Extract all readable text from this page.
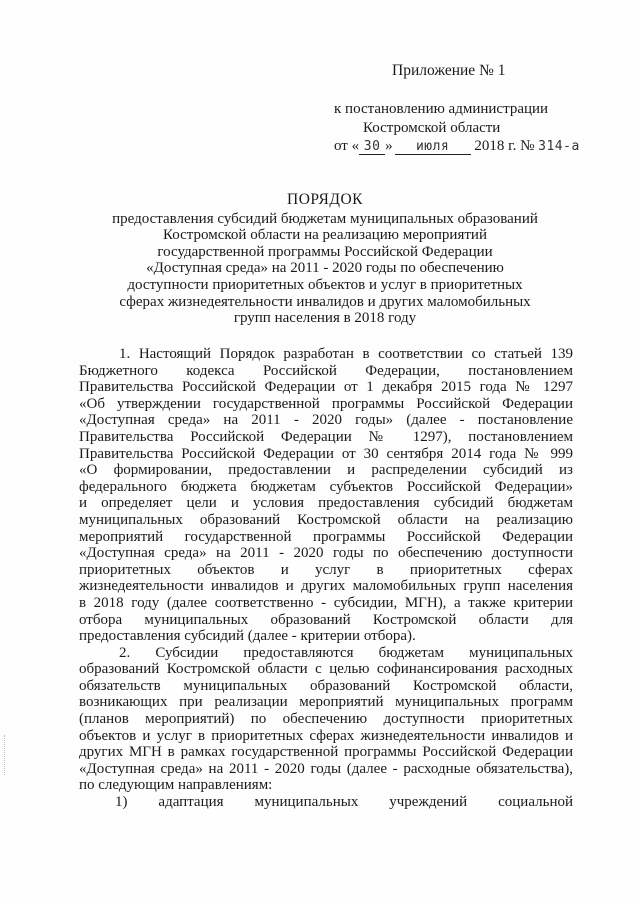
Приложение № 1
к постановлению администрации
Костромской области
от « 30 » июля 2018 г. № 314-а
ПОРЯДОК
предоставления субсидий бюджетам муниципальных образований
Костромской области на реализацию мероприятий
государственной программы Российской Федерации
«Доступная среда» на 2011 - 2020 годы по обеспечению
доступности приоритетных объектов и услуг в приоритетных
сферах жизнедеятельности инвалидов и других маломобильных
групп населения в 2018 году
1. Настоящий Порядок разработан в соответствии со статьей 139
Бюджетного кодекса Российской Федерации, постановлением
Правительства Российской Федерации от 1 декабря 2015 года № 1297
«Об утверждении государственной программы Российской Федерации
«Доступная среда» на 2011 - 2020 годы» (далее - постановление
Правительства Российской Федерации № 1297), постановлением
Правительства Российской Федерации от 30 сентября 2014 года № 999
«О формировании, предоставлении и распределении субсидий из
федерального бюджета бюджетам субъектов Российской Федерации»
и определяет цели и условия предоставления субсидий бюджетам
муниципальных образований Костромской области на реализацию
мероприятий государственной программы Российской Федерации
«Доступная среда» на 2011 - 2020 годы по обеспечению доступности
приоритетных объектов и услуг в приоритетных сферах
жизнедеятельности инвалидов и других маломобильных групп населения
в 2018 году (далее соответственно - субсидии, МГН), а также критерии
отбора муниципальных образований Костромской области для
предоставления субсидий (далее - критерии отбора).
2. Субсидии предоставляются бюджетам муниципальных
образований Костромской области с целью софинансирования расходных
обязательств муниципальных образований Костромской области,
возникающих при реализации мероприятий муниципальных программ
(планов мероприятий) по обеспечению доступности приоритетных
объектов и услуг в приоритетных сферах жизнедеятельности инвалидов и
других МГН в рамках государственной программы Российской Федерации
«Доступная среда» на 2011 - 2020 годы (далее - расходные обязательства),
по следующим направлениям:
1) адаптация муниципальных учреждений социальной
